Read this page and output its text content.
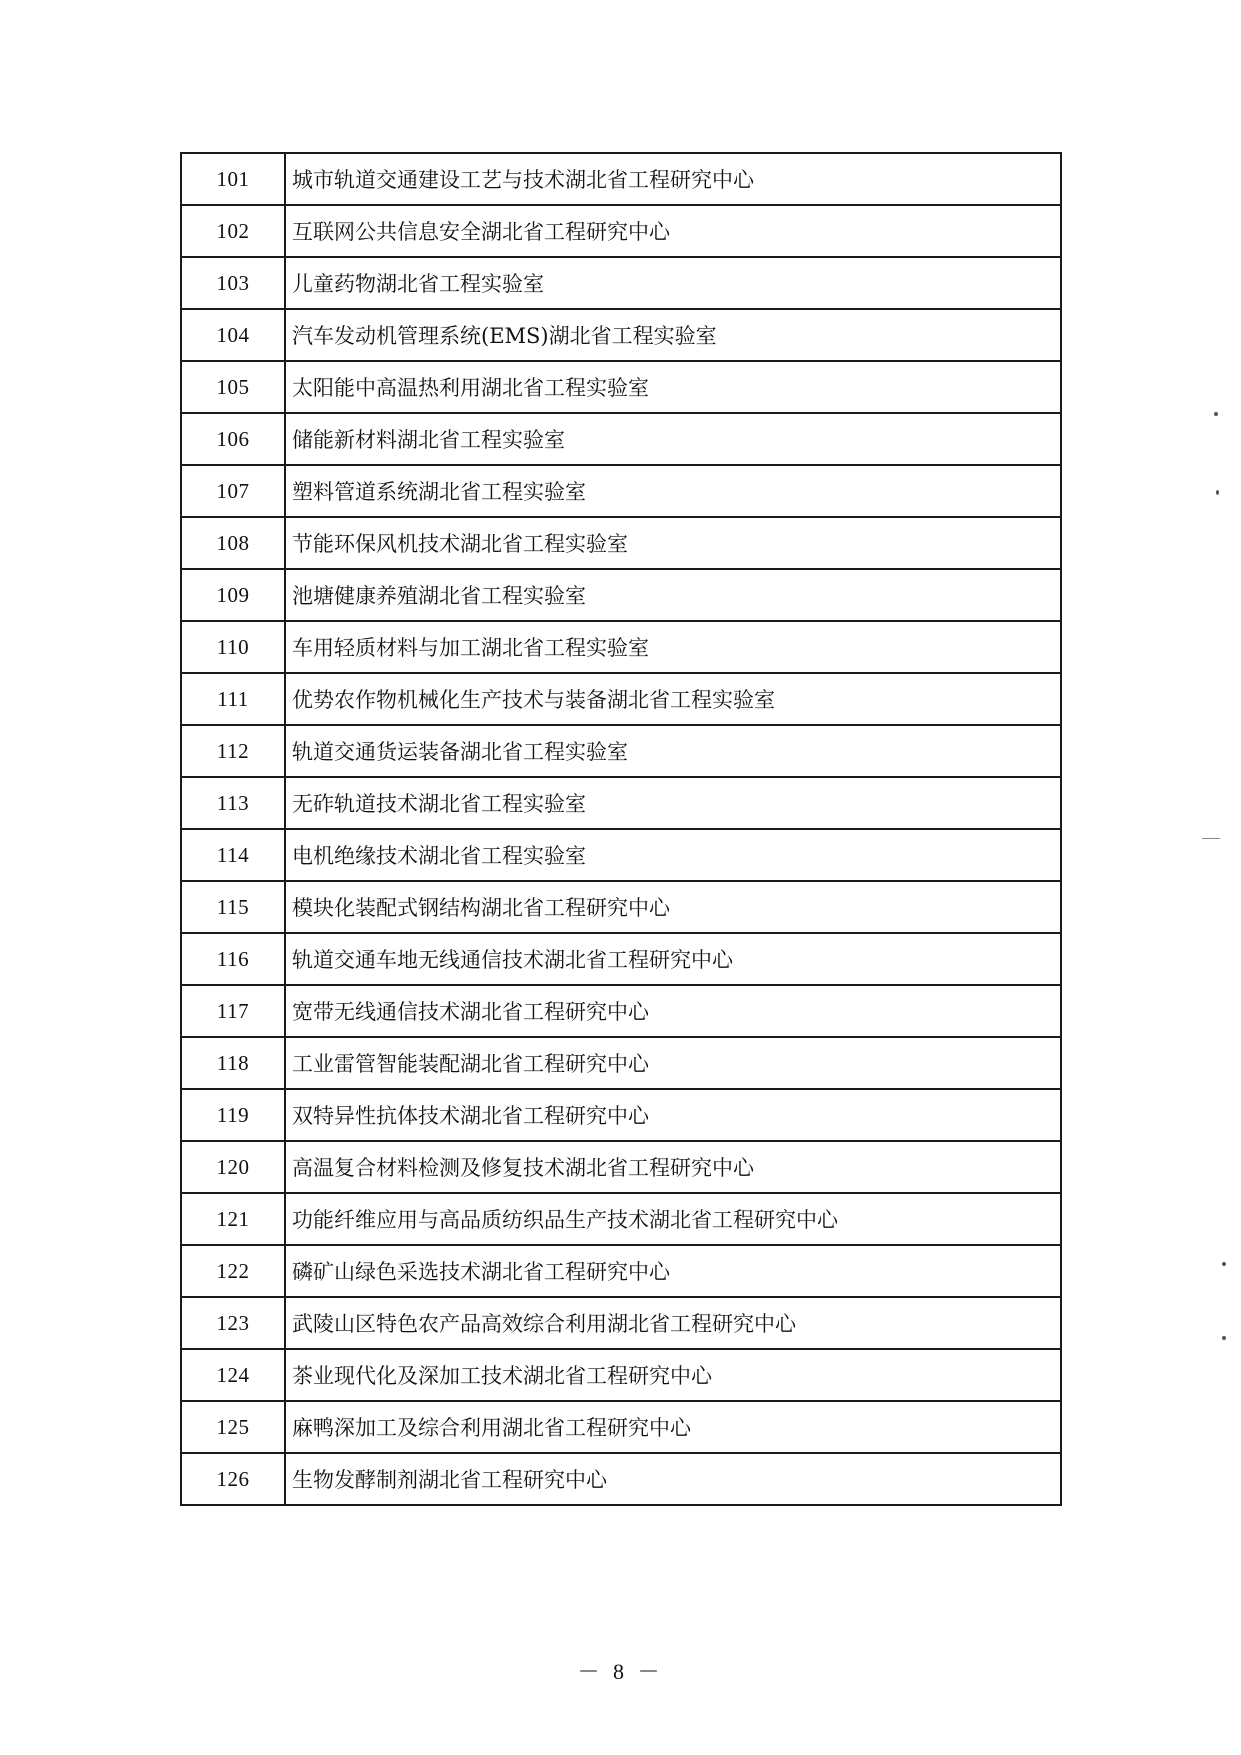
101	城市轨道交通建设工艺与技术湖北省工程研究中心
102	互联网公共信息安全湖北省工程研究中心
103	儿童药物湖北省工程实验室
104	汽车发动机管理系统(EMS)湖北省工程实验室
105	太阳能中高温热利用湖北省工程实验室
106	储能新材料湖北省工程实验室
107	塑料管道系统湖北省工程实验室
108	节能环保风机技术湖北省工程实验室
109	池塘健康养殖湖北省工程实验室
110	车用轻质材料与加工湖北省工程实验室
111	优势农作物机械化生产技术与装备湖北省工程实验室
112	轨道交通货运装备湖北省工程实验室
113	无砟轨道技术湖北省工程实验室
114	电机绝缘技术湖北省工程实验室
115	模块化装配式钢结构湖北省工程研究中心
116	轨道交通车地无线通信技术湖北省工程研究中心
117	宽带无线通信技术湖北省工程研究中心
118	工业雷管智能装配湖北省工程研究中心
119	双特异性抗体技术湖北省工程研究中心
120	高温复合材料检测及修复技术湖北省工程研究中心
121	功能纤维应用与高品质纺织品生产技术湖北省工程研究中心
122	磷矿山绿色采选技术湖北省工程研究中心
123	武陵山区特色农产品高效综合利用湖北省工程研究中心
124	茶业现代化及深加工技术湖北省工程研究中心
125	麻鸭深加工及综合利用湖北省工程研究中心
126	生物发酵制剂湖北省工程研究中心
－ 8 －
